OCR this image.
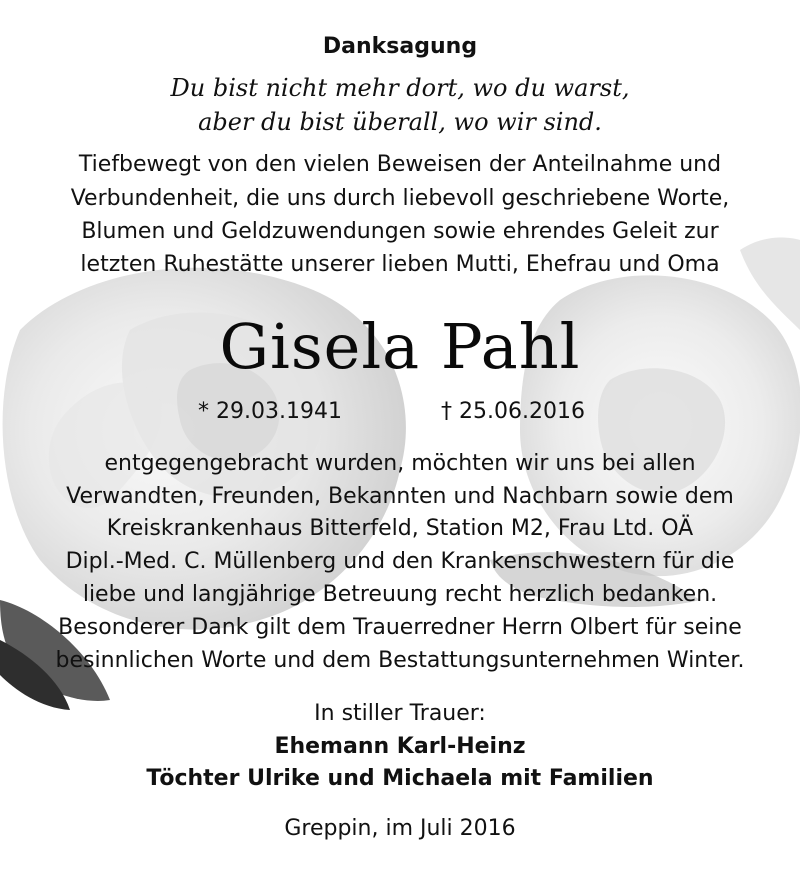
Danksagung
Du bist nicht mehr dort, wo du warst,
aber du bist überall, wo wir sind.
Tiefbewegt von den vielen Beweisen der Anteilnahme und
Verbundenheit, die uns durch liebevoll geschriebene Worte,
Blumen und Geldzuwendungen sowie ehrendes Geleit zur
letzten Ruhestätte unserer lieben Mutti, Ehefrau und Oma
Gisela Pahl
* 29.03.1941	† 25.06.2016
entgegengebracht wurden, möchten wir uns bei allen
Verwandten, Freunden, Bekannten und Nachbarn sowie dem
Kreiskrankenhaus Bitterfeld, Station M2, Frau Ltd. OÄ
Dipl.-Med. C. Müllenberg und den Krankenschwestern für die
liebe und langjährige Betreuung recht herzlich bedanken.
Besonderer Dank gilt dem Trauerredner Herrn Olbert für seine
besinnlichen Worte und dem Bestattungsunternehmen Winter.
In stiller Trauer:
Ehemann Karl-Heinz
Töchter Ulrike und Michaela mit Familien
Greppin, im Juli 2016
